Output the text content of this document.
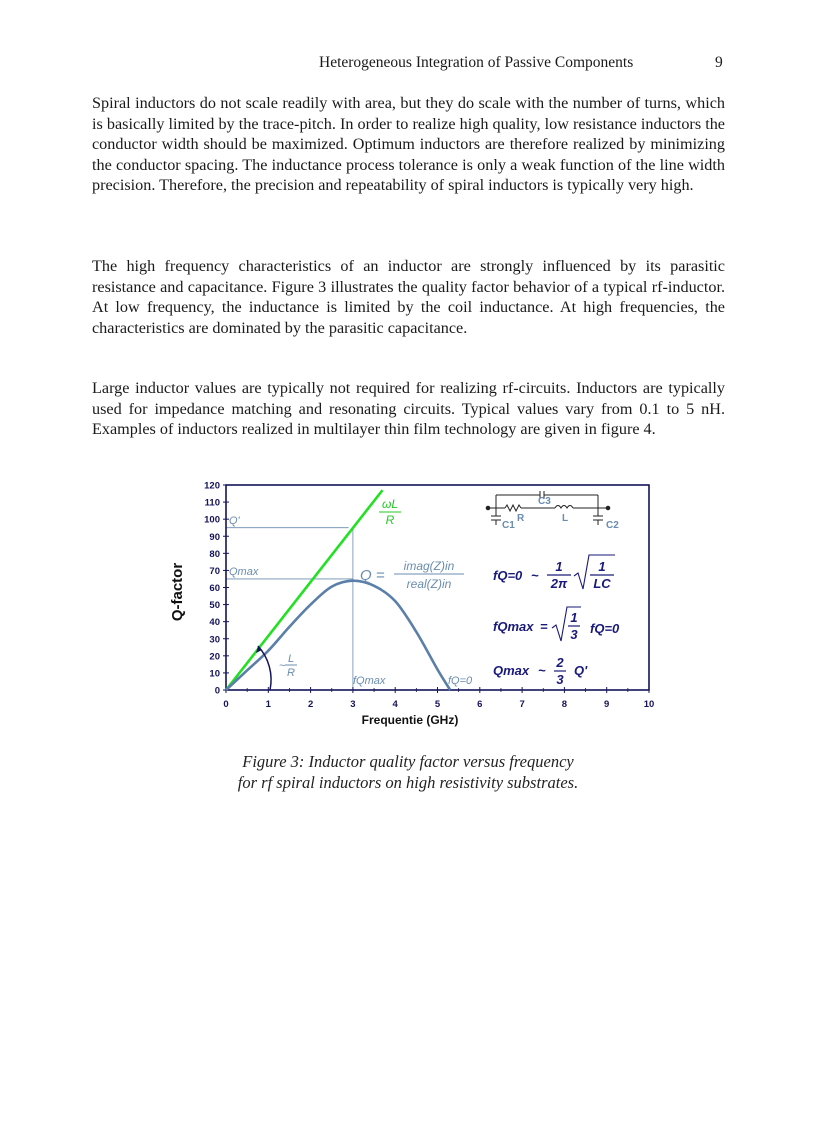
Heterogeneous Integration of Passive Components	9

Spiral inductors do not scale readily with area, but they do scale with the number of turns, which is basically limited by the trace-pitch. In order to realize high quality, low resistance inductors the conductor width should be maximized. Optimum inductors are therefore realized by minimizing the conductor spacing. The inductance process tolerance is only a weak function of the line width precision. Therefore, the precision and repeatability of spiral inductors is typically very high.

The high frequency characteristics of an inductor are strongly influenced by its parasitic resistance and capacitance. Figure 3 illustrates the quality factor behavior of a typical rf-inductor. At low frequency, the inductance is limited by the coil inductance. At high frequencies, the characteristics are dominated by the parasitic capacitance.

Large inductor values are typically not required for realizing rf-circuits. Inductors are typically used for impedance matching and resonating circuits. Typical values vary from 0.1 to 5 nH. Examples of inductors realized in multilayer thin film technology are given in figure 4.

0
10
20
30
40
50
60
70
80
90
100
110
120
0	1	2	3	4	5	6	7	8	9	10
Frequentie (GHz)
Q-factor
Q'
Qmax
fQmax	fQ=0
ωL
R
~
L
R
Q =
imag(Z)in
real(Z)in
C3
R	L
C1	C2
fQ=0 ~
1
2π
1
LC
fQmax =
1
3 fQ=0
Qmax ~
2
3
Q'
Figure 3: Inductor quality factor versus frequency
for rf spiral inductors on high resistivity substrates.
